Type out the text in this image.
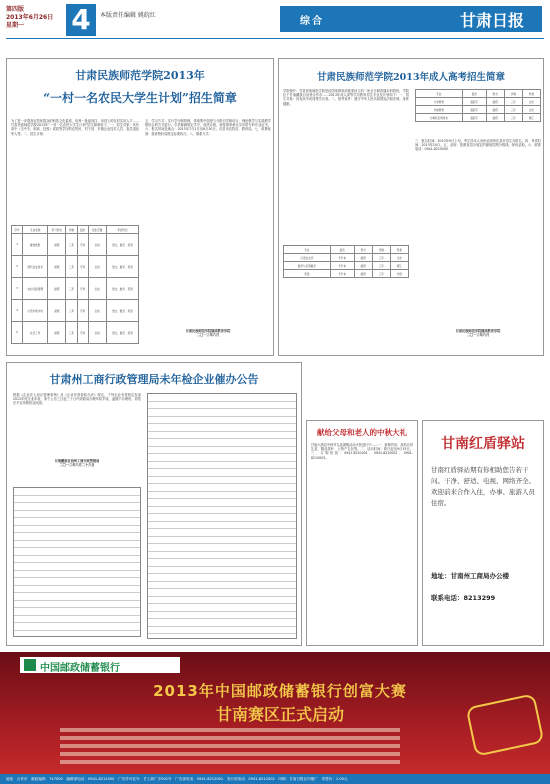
第四版
2013年6月26日
星期一	4	本版责任编辑 姚皖红
综合	甘肃日报
甘肃民族师范学院2013年
“一村一名农民大学生计划”招生简章
为了进一步提高农牧民群众的科技文化素质，培养一批留得住、用得上的农村实用人才……甘肃民族师范学院2013年“一村一名农民大学生计划”招生简章如下。一、招生对象：具有高中（含中专、职高、技校）或同等学历的农牧民、村干部、乡镇企业技术人员、复员退伍军人等。二、招生计划：
序号	专业名称	学习形式	学制	层次	招生范围	考试科目
1	畜牧兽医	函授	三年	专科	全省	语文、数学、英语
2	现代农业技术	函授	三年	专科	全省	语文、数学、英语
3	农村行政管理	函授	三年	专科	全省	语文、数学、英语
4	小型水利水电	函授	三年	专科	全省	语文、数学、英语
5	社会工作	函授	三年	专科	全省	语文、数学、英语
五、学习方式：实行学分制管理，采取集中面授与分散自学相结合、理论教学与实践教学相结合的方式进行。学员修满规定学分，成绩合格，颁发国家承认学历的专科毕业证书。六、报名时间及地点：2013年7月1日至8月30日，各县市农牧局、教育局。七、收费标准：按省物价局核定标准执行。八、联系方式：
甘肃民族师范学院继续教育学院
二〇一三年六月
甘肃民族师范学院2013年成人高考招生简章
学院简介：甘肃民族师范学院是经国家教育部批准设立的一所全日制普通本科院校，学院位于甘南藏族自治州合作市……2013年成人高等学历教育招生专业及计划如下：一、招生对象：具有高中或同等学历者。二、报考条件：遵守中华人民共和国宪法和法律，身体健康。
专业	层次	形式	学制	科类
汉语言文学	专升本	函授	三年	文史
数学与应用数学	专升本	函授	三年	理工
英语	专升本	函授	三年	外语
专业	层次	形式	学制	科类
小学教育	高起专	函授	三年	文史
学前教育	高起专	函授	三年	文史
计算机应用技术	高起专	函授	三年	理工
三、报名时间：2013年9月上旬，考生持本人身份证到所在县市招生办报名。四、考试时间：2013年10月。五、录取：按照省招办划定的最低控制分数线，择优录取。六、联系电话：0941-8210000
甘肃民族师范学院继续教育学院
二〇一三年六月
甘肃州工商行政管理局未年检企业催办公告
根据《企业法人登记管理条例》及《企业年度检验办法》规定，下列企业未按规定参加2012年度企业年检，请于公告之日起三十日内到我局办理年检手续，逾期不办理的，将依法予以吊销营业执照。
甘南藏族自治州工商行政管理局
二〇一三年六月二十六日
献给父母和老人的中秋大礼
甘南大酒店中秋节礼品团购活动火热进行中……一、套餐内容：高档月饼礼盒、精品茶叶、土特产礼包等。二、活动时间：即日起至9月15日。三、订购热线：0941-8210001、0941-8210002、0941-8210003。
甘南红盾驿站
甘南红盾驿站期有你相助您告若干问。干净、舒适、电视、网络齐全。欢迎前来合作入住，办事、旅游人员住宿。
地址：甘南州工商局办公楼
联系电话：8213299
中国邮政储蓄银行
2013年中国邮政储蓄银行创富大赛
甘南赛区正式启动
地址：合作市　邮政编码：747000　编辑部电话：0941-8212000　广告许可证号：甘工商广字001号　广告部电话：0941-8212001　发行部电话：0941-8212002　印刷：甘南日报社印刷厂　零售价：1.00元
